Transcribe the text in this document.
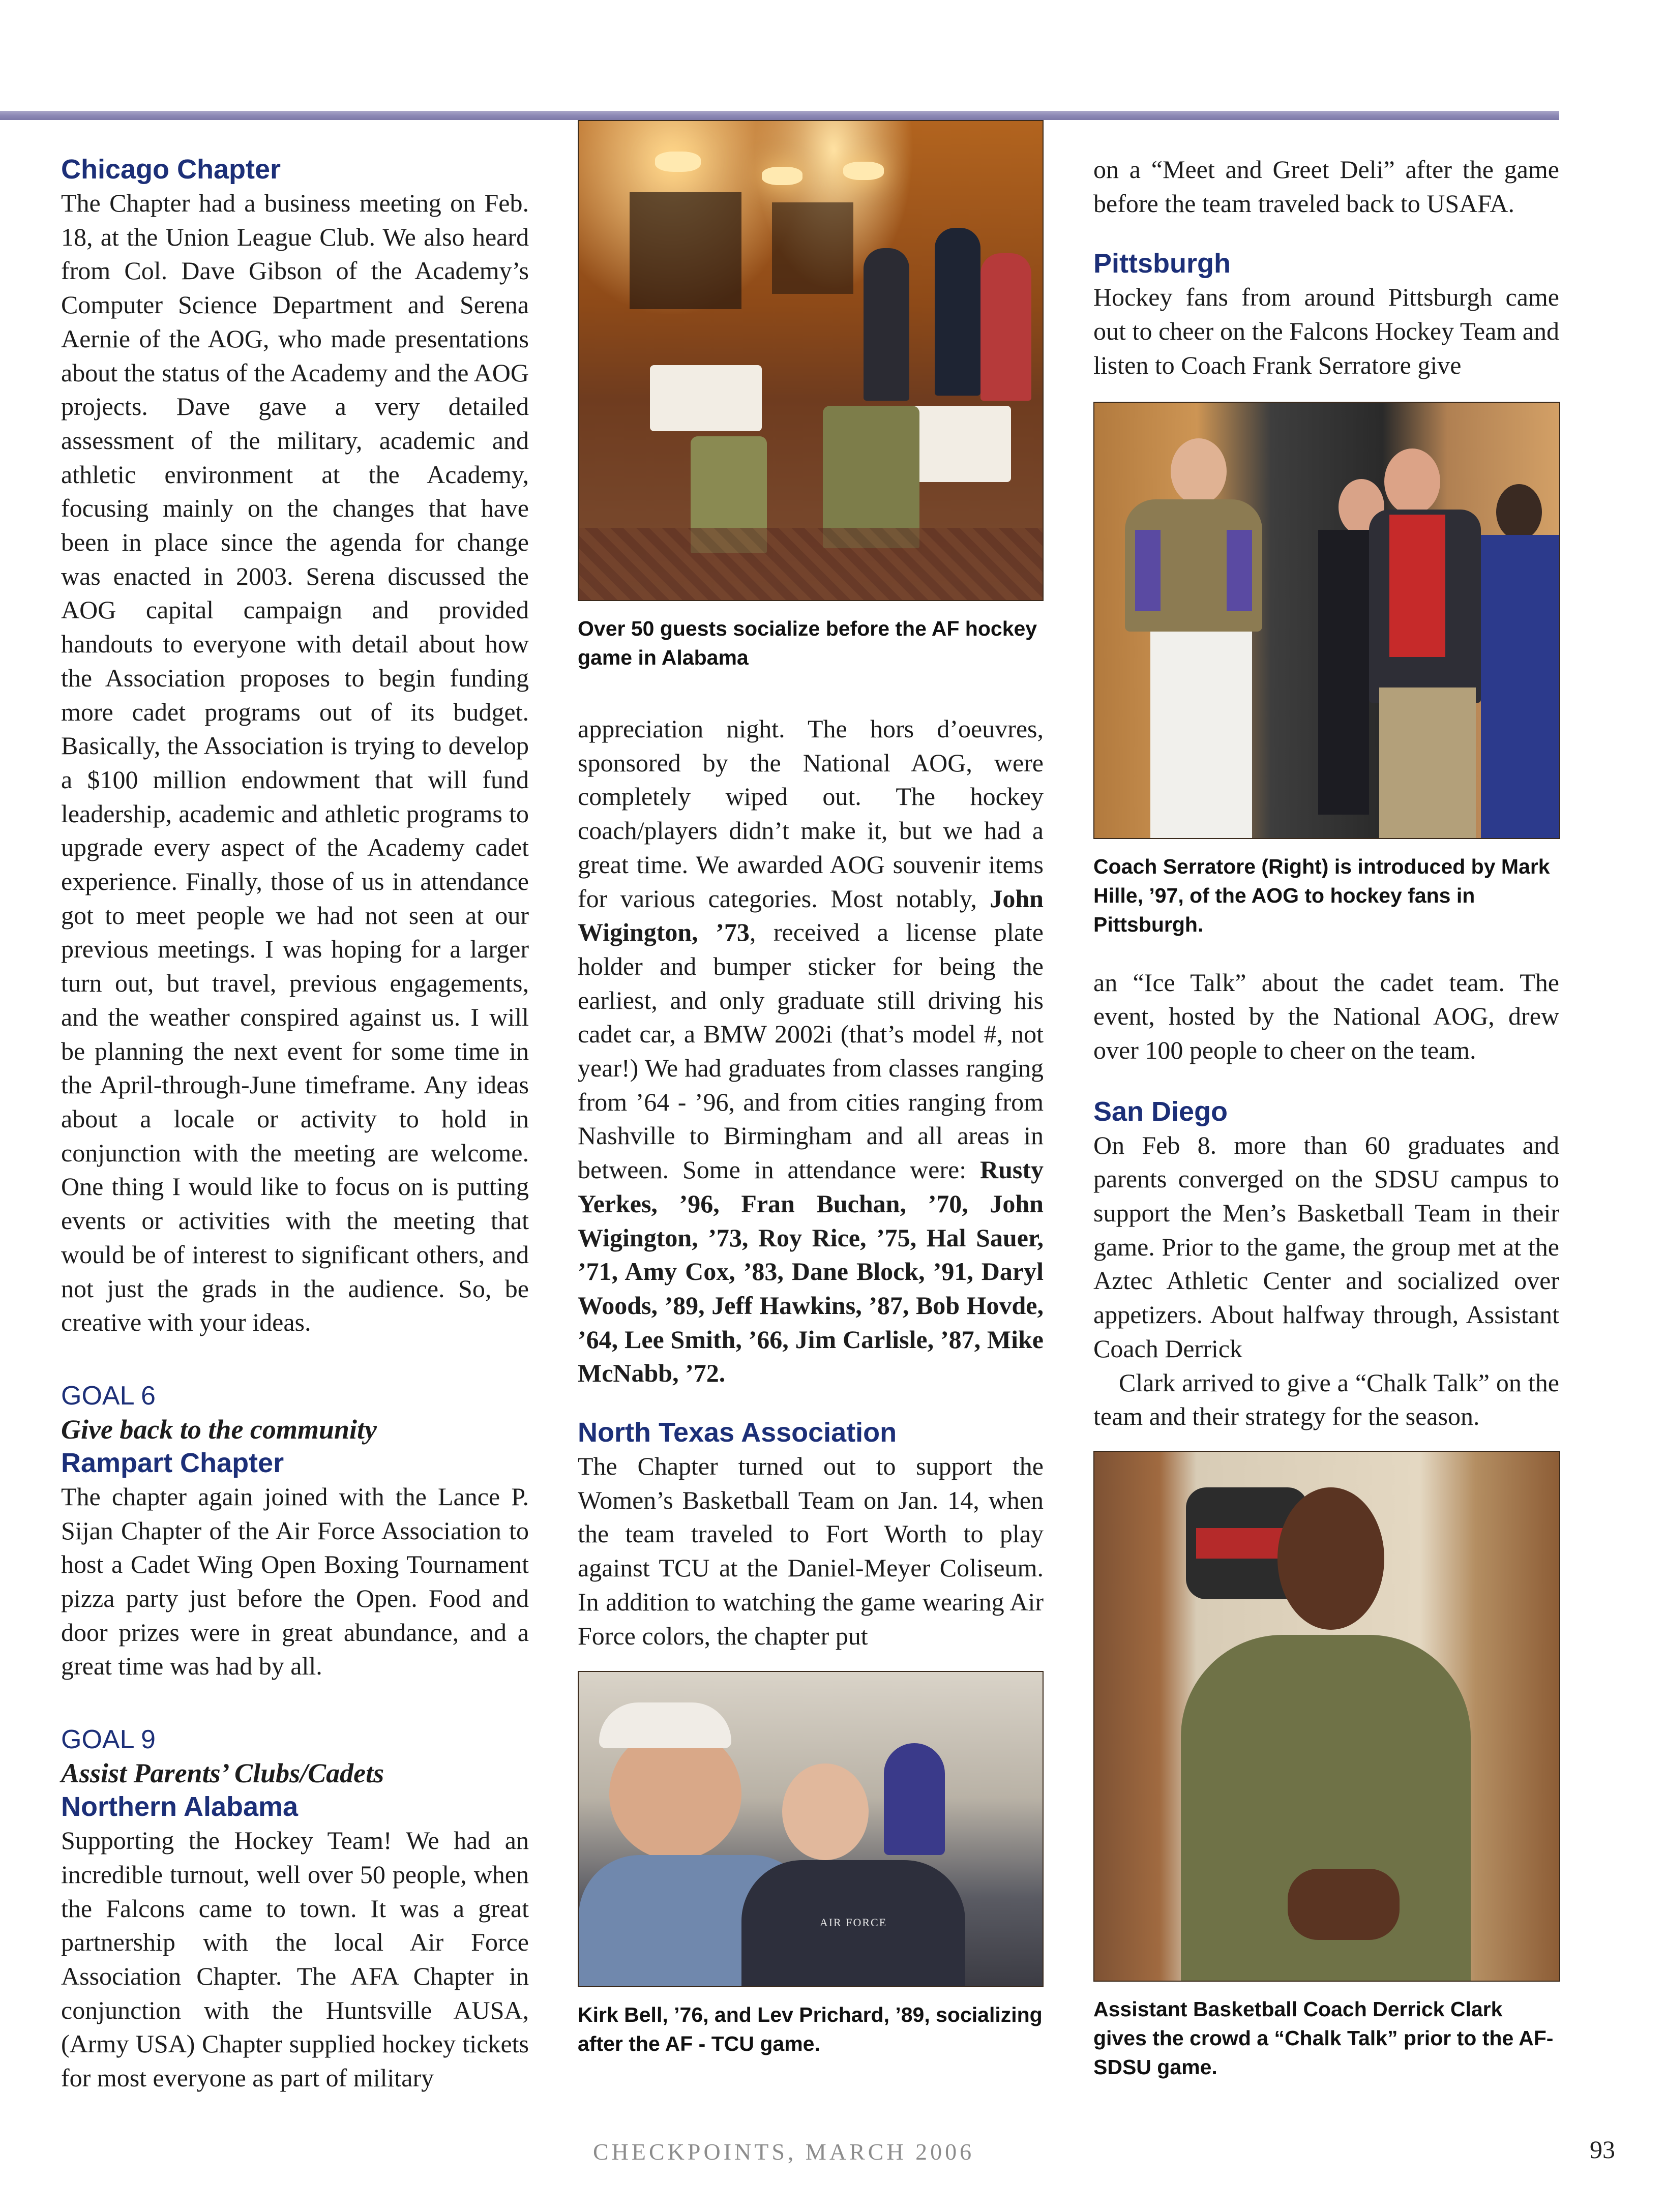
Chicago Chapter
The Chapter had a business meeting on Feb. 18, at the Union League Club. We also heard from Col. Dave Gibson of the Academy’s Computer Science Department and Serena Aernie of the AOG, who made presentations about the status of the Academy and the AOG projects. Dave gave a very detailed assessment of the military, academic and athletic environment at the Academy, focusing mainly on the changes that have been in place since the agenda for change was enacted in 2003. Serena discussed the AOG capital campaign and provided handouts to everyone with detail about how the Association proposes to begin funding more cadet programs out of its budget. Basically, the Association is trying to develop a $100 million endowment that will fund leadership, academic and athletic programs to upgrade every aspect of the Academy cadet experience. Finally, those of us in attendance got to meet people we had not seen at our previous meetings. I was hoping for a larger turn out, but travel, previous engagements, and the weather conspired against us. I will be planning the next event for some time in the April-through-June timeframe. Any ideas about a locale or activity to hold in conjunction with the meeting are welcome. One thing I would like to focus on is putting events or activities with the meeting that would be of interest to significant others, and not just the grads in the audience. So, be creative with your ideas.
GOAL 6
Give back to the community
Rampart Chapter
The chapter again joined with the Lance P. Sijan Chapter of the Air Force Association to host a Cadet Wing Open Boxing Tournament pizza party just before the Open. Food and door prizes were in great abundance, and a great time was had by all.
GOAL 9
Assist Parents’ Clubs/Cadets
Northern Alabama
Supporting the Hockey Team! We had an incredible turnout, well over 50 people, when the Falcons came to town. It was a great partnership with the local Air Force Association Chapter. The AFA Chapter in conjunction with the Huntsville AUSA, (Army USA) Chapter supplied hockey tickets for most everyone as part of military
Over 50 guests socialize before the AF hockey game in Alabama
appreciation night. The hors d’oeuvres, sponsored by the National AOG, were completely wiped out. The hockey coach/players didn’t make it, but we had a great time. We awarded AOG souvenir items for various categories. Most notably, John Wigington, ’73, received a license plate holder and bumper sticker for being the earliest, and only graduate still driving his cadet car, a BMW 2002i (that’s model #, not year!) We had graduates from classes ranging from ’64 - ’96, and from cities ranging from Nashville to Birmingham and all areas in between. Some in attendance were: Rusty Yerkes, ’96, Fran Buchan, ’70, John Wigington, ’73, Roy Rice, ’75, Hal Sauer, ’71, Amy Cox, ’83, Dane Block, ’91, Daryl Woods, ’89, Jeff Hawkins, ’87, Bob Hovde, ’64, Lee Smith, ’66, Jim Carlisle, ’87, Mike McNabb, ’72.
North Texas Association
The Chapter turned out to support the Women’s Basketball Team on Jan. 14, when the team traveled to Fort Worth to play against TCU at the Daniel-Meyer Coliseum. In addition to watching the game wearing Air Force colors, the chapter put
AIR FORCE
Kirk Bell, ’76, and Lev Prichard, ’89, socializing after the AF - TCU game.
on a “Meet and Greet Deli” after the game before the team traveled back to USAFA.
Pittsburgh
Hockey fans from around Pittsburgh came out to cheer on the Falcons Hockey Team and listen to Coach Frank Serratore give
Coach Serratore (Right) is introduced by Mark Hille, ’97, of the AOG to hockey fans in Pittsburgh.
an “Ice Talk” about the cadet team. The event, hosted by the National AOG, drew over 100 people to cheer on the team.
San Diego
On Feb 8. more than 60 graduates and parents converged on the SDSU campus to support the Men’s Basketball Team in their game. Prior to the game, the group met at the Aztec Athletic Center and socialized over appetizers. About halfway through, Assistant Coach Derrick
Clark arrived to give a “Chalk Talk” on the team and their strategy for the season.
Assistant Basketball Coach Derrick Clark gives the crowd a “Chalk Talk” prior to the AF-SDSU game.
CHECKPOINTS, MARCH 2006	93
